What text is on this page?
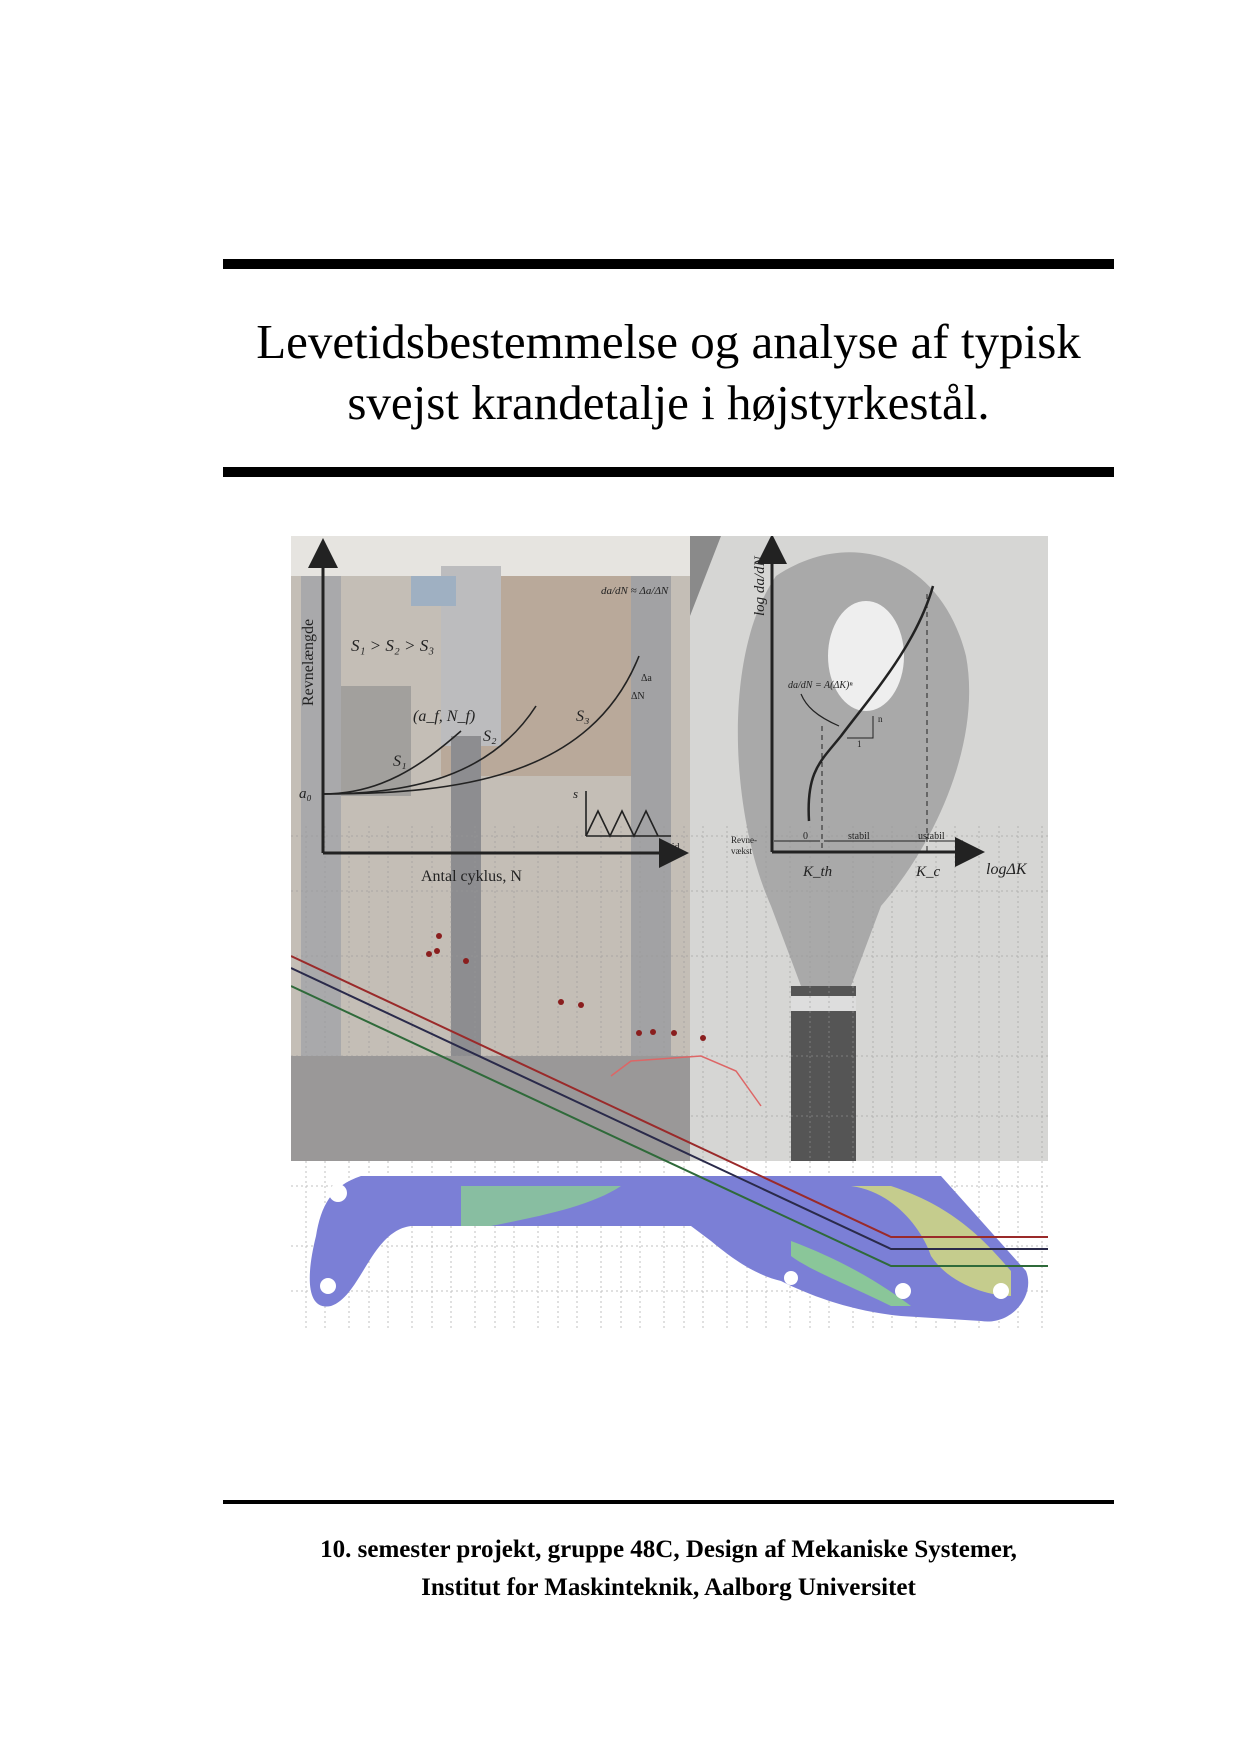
Levetidsbestemmelse og analyse af typisk
svejst krandetalje i højstyrkestål.
Revnelængde
Antal cyklus, N
S₁ > S₂ > S₃
(a_f, N_f)
S₁
S₂
S₃
a₀
da/dN ≈ Δa/ΔN
Δa
ΔN
s
tid
log da/dN
logΔK
da/dN = A(ΔK)ⁿ
n
1
0	stabil	ustabil
Revne-
vækst
K_th	K_c
10. semester projekt, gruppe 48C, Design af Mekaniske Systemer,
Institut for Maskinteknik, Aalborg Universitet
